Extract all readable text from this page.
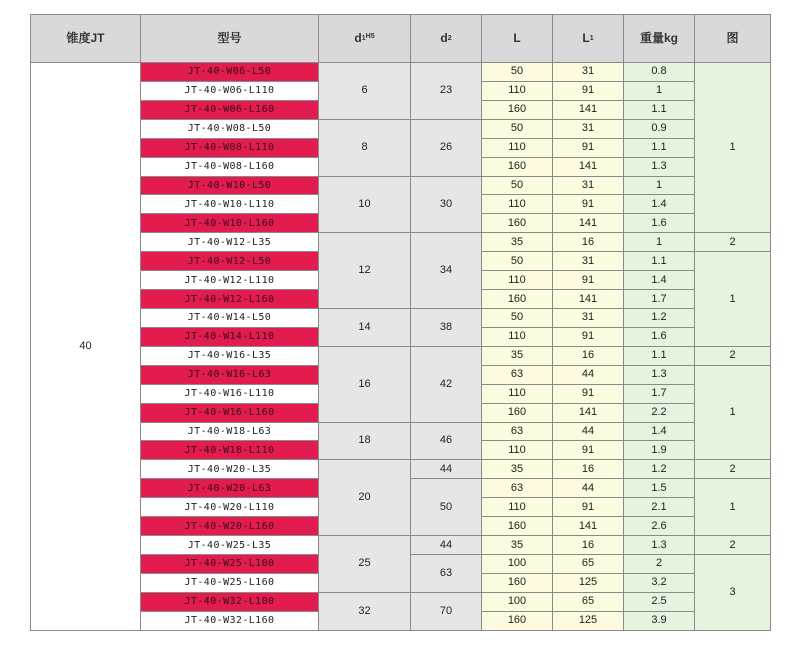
锥度JT	型号	$d1^{H5}$	d2	L	L1	重量kg	图
40	JT-40-W06-L50	6	23	50	31	0.8	1
	JT-40-W06-L110			110	91	1	
	JT-40-W06-L160			160	141	1.1	
	JT-40-W08-L50	8	26	50	31	0.9	
	JT-40-W08-L110			110	91	1.1	
	JT-40-W08-L160			160	141	1.3	
	JT-40-W10-L50	10	30	50	31	1	
	JT-40-W10-L110			110	91	1.4	
	JT-40-W10-L160			160	141	1.6	
	JT-40-W12-L35	12	34	35	16	1	2
	JT-40-W12-L50			50	31	1.1	1
	JT-40-W12-L110			110	91	1.4	
	JT-40-W12-L160			160	141	1.7	
	JT-40-W14-L50	14	38	50	31	1.2	
	JT-40-W14-L110			110	91	1.6	
	JT-40-W16-L35	16	42	35	16	1.1	2
	JT-40-W16-L63			63	44	1.3	1
	JT-40-W16-L110			110	91	1.7	
	JT-40-W16-L160			160	141	2.2	
	JT-40-W18-L63	18	46	63	44	1.4	
	JT-40-W18-L110			110	91	1.9	
	JT-40-W20-L35	20	44	35	16	1.2	2
	JT-40-W20-L63		50	63	44	1.5	1
	JT-40-W20-L110			110	91	2.1	
	JT-40-W20-L160			160	141	2.6	
	JT-40-W25-L35	25	44	35	16	1.3	2
	JT-40-W25-L100		63	100	65	2	3
	JT-40-W25-L160			160	125	3.2	
	JT-40-W32-L100	32	70	100	65	2.5	
	JT-40-W32-L160			160	125	3.9	
